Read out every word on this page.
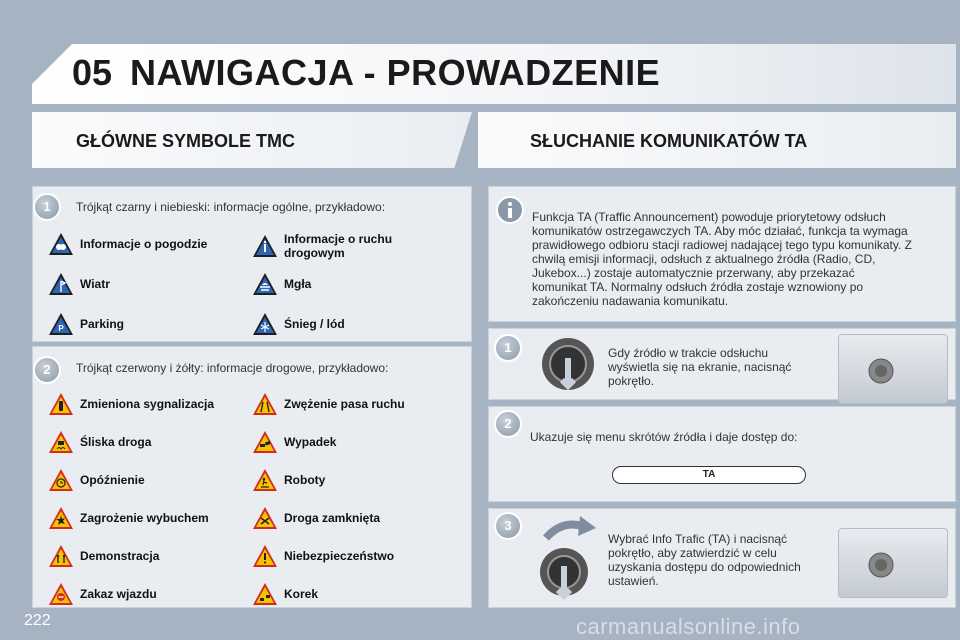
05 NAWIGACJA - PROWADZENIE
GŁÓWNE SYMBOLE TMC	SŁUCHANIE KOMUNIKATÓW TA
1	Trójkąt czarny i niebieski: informacje ogólne, przykładowo:
Informacje o pogodzie	Informacje o ruchu drogowym
Wiatr	Mgła
P Parking	Śnieg / lód
2	Trójkąt czerwony i żółty: informacje drogowe, przykładowo:
Zmieniona sygnalizacja	Zwężenie pasa ruchu
Śliska droga	Wypadek
Opóźnienie	Roboty
Zagrożenie wybuchem	Droga zamknięta
Demonstracja	Niebezpieczeństwo
Zakaz wjazdu	Korek
Funkcja TA (Traffic Announcement) powoduje priorytetowy odsłuch komunikatów ostrzegawczych TA. Aby móc działać, funkcja ta wymaga prawidłowego odbioru stacji radiowej nadającej tego typu komunikaty. Z chwilą emisji informacji, odsłuch z aktualnego źródła (Radio, CD, Jukebox...) zostaje automatycznie przerwany, aby przekazać komunikat TA. Normalny odsłuch źródła zostaje wznowiony po zakończeniu nadawania komunikatu.
1	Gdy źródło w trakcie odsłuchu wyświetla się na ekranie, nacisnąć pokrętło.
2
Ukazuje się menu skrótów źródła i daje dostęp do:
TA
3
Wybrać Info Trafic (TA) i nacisnąć pokrętło, aby zatwierdzić w celu uzyskania dostępu do odpowiednich ustawień.
222	carmanualsonline.info
